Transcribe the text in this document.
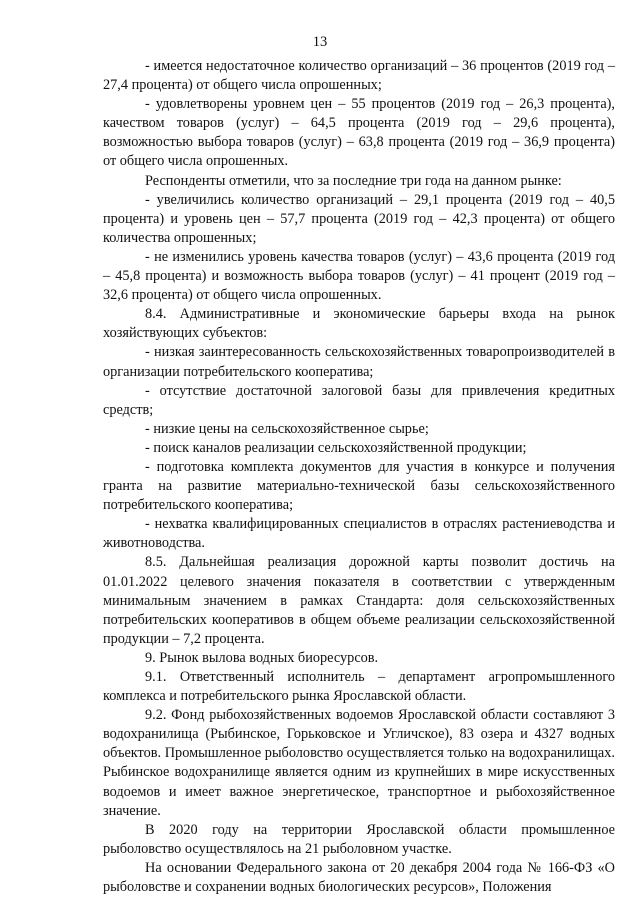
13

- имеется недостаточное количество организаций – 36 процентов (2019 год – 27,4 процента) от общего числа опрошенных;

- удовлетворены уровнем цен – 55 процентов (2019 год – 26,3 процента), качеством товаров (услуг) – 64,5 процента (2019 год – 29,6 процента), возможностью выбора товаров (услуг) – 63,8 процента (2019 год – 36,9 процента) от общего числа опрошенных.

Респонденты отметили, что за последние три года на данном рынке:

- увеличились количество организаций – 29,1 процента (2019 год – 40,5 процента) и уровень цен – 57,7 процента (2019 год – 42,3 процента) от общего количества опрошенных;

- не изменились уровень качества товаров (услуг) – 43,6 процента (2019 год – 45,8 процента) и возможность выбора товаров (услуг) – 41 процент (2019 год – 32,6 процента) от общего числа опрошенных.

8.4. Административные и экономические барьеры входа на рынок хозяйствующих субъектов:

- низкая заинтересованность сельскохозяйственных товаропроизводителей в организации потребительского кооператива;

- отсутствие достаточной залоговой базы для привлечения кредитных средств;

- низкие цены на сельскохозяйственное сырье;

- поиск каналов реализации сельскохозяйственной продукции;

- подготовка комплекта документов для участия в конкурсе и получения гранта на развитие материально-технической базы сельскохозяйственного потребительского кооператива;

- нехватка квалифицированных специалистов в отраслях растениеводства и животноводства.

8.5. Дальнейшая реализация дорожной карты позволит достичь на 01.01.2022 целевого значения показателя в соответствии с утвержденным минимальным значением в рамках Стандарта: доля сельскохозяйственных потребительских кооперативов в общем объеме реализации сельскохозяйственной продукции – 7,2 процента.

9. Рынок вылова водных биоресурсов.

9.1. Ответственный исполнитель – департамент агропромышленного комплекса и потребительского рынка Ярославской области.

9.2. Фонд рыбохозяйственных водоемов Ярославской области составляют 3 водохранилища (Рыбинское, Горьковское и Угличское), 83 озера и 4327 водных объектов. Промышленное рыболовство осуществляется только на водохранилищах. Рыбинское водохранилище является одним из крупнейших в мире искусственных водоемов и имеет важное энергетическое, транспортное и рыбохозяйственное значение.

В 2020 году на территории Ярославской области промышленное рыболовство осуществлялось на 21 рыболовном участке.

На основании Федерального закона от 20 декабря 2004 года № 166-ФЗ «О рыболовстве и сохранении водных биологических ресурсов», Положения
